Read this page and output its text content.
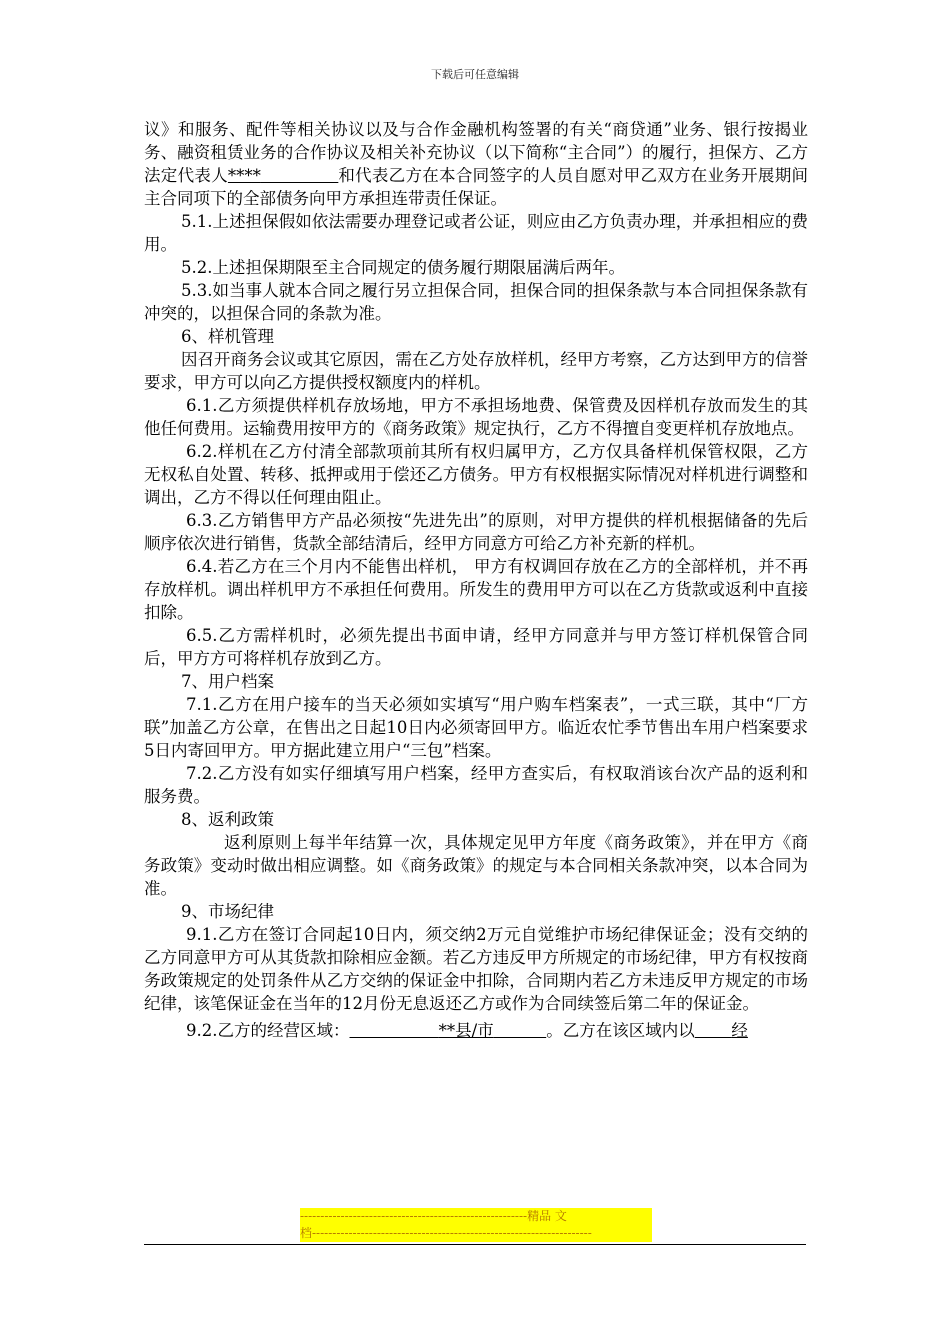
下载后可任意编辑

议》和服务、配件等相关协议以及与合作金融机构签署的有关“商贷通”业务、银行按揭业务、融资租赁业务的合作协议及相关补充协议（以下简称“主合同”）的履行，担保方、乙方法定代表人****	和代表乙方在本合同签字的人员自愿对甲乙双方在业务开展期间主合同项下的全部债务向甲方承担连带责任保证。

5.1.上述担保假如依法需要办理登记或者公证，则应由乙方负责办理，并承担相应的费用。

5.2.上述担保期限至主合同规定的债务履行期限届满后两年。

5.3.如当事人就本合同之履行另立担保合同，担保合同的担保条款与本合同担保条款有冲突的，以担保合同的条款为准。

6、样机管理

因召开商务会议或其它原因，需在乙方处存放样机，经甲方考察，乙方达到甲方的信誉要求，甲方可以向乙方提供授权额度内的样机。

6.1.乙方须提供样机存放场地，甲方不承担场地费、保管费及因样机存放而发生的其他任何费用。运输费用按甲方的《商务政策》规定执行，乙方不得擅自变更样机存放地点。

6.2.样机在乙方付清全部款项前其所有权归属甲方，乙方仅具备样机保管权限，乙方无权私自处置、转移、抵押或用于偿还乙方债务。甲方有权根据实际情况对样机进行调整和调出，乙方不得以任何理由阻止。

6.3.乙方销售甲方产品必须按“先进先出”的原则，对甲方提供的样机根据储备的先后顺序依次进行销售，货款全部结清后，经甲方同意方可给乙方补充新的样机。

6.4.若乙方在三个月内不能售出样机， 甲方有权调回存放在乙方的全部样机，并不再存放样机。调出样机甲方不承担任何费用。所发生的费用甲方可以在乙方货款或返利中直接扣除。

6.5.乙方需样机时，必须先提出书面申请，经甲方同意并与甲方签订样机保管合同后，甲方方可将样机存放到乙方。

7、用户档案

7.1.乙方在用户接车的当天必须如实填写“用户购车档案表”，一式三联，其中“厂方联”加盖乙方公章，在售出之日起10日内必须寄回甲方。临近农忙季节售出车用户档案要求5日内寄回甲方。甲方据此建立用户“三包”档案。

7.2.乙方没有如实仔细填写用户档案，经甲方查实后，有权取消该台次产品的返利和服务费。

8、返利政策

返利原则上每半年结算一次，具体规定见甲方年度《商务政策》，并在甲方《商务政策》变动时做出相应调整。如《商务政策》的规定与本合同相关条款冲突，以本合同为准。

9、市场纪律

9.1.乙方在签订合同起10日内，须交纳2万元自觉维护市场纪律保证金；没有交纳的乙方同意甲方可从其货款扣除相应金额。若乙方违反甲方所规定的市场纪律，甲方有权按商务政策规定的处罚条件从乙方交纳的保证金中扣除，合同期内若乙方未违反甲方规定的市场纪律，该笔保证金在当年的12月份无息返还乙方或作为合同续签后第二年的保证金。

9.2.乙方的经营区域：	**县/市	。乙方在该区域内以 经

--------------------------------------------------------精品 文
档---------------------------------------------------------------------
